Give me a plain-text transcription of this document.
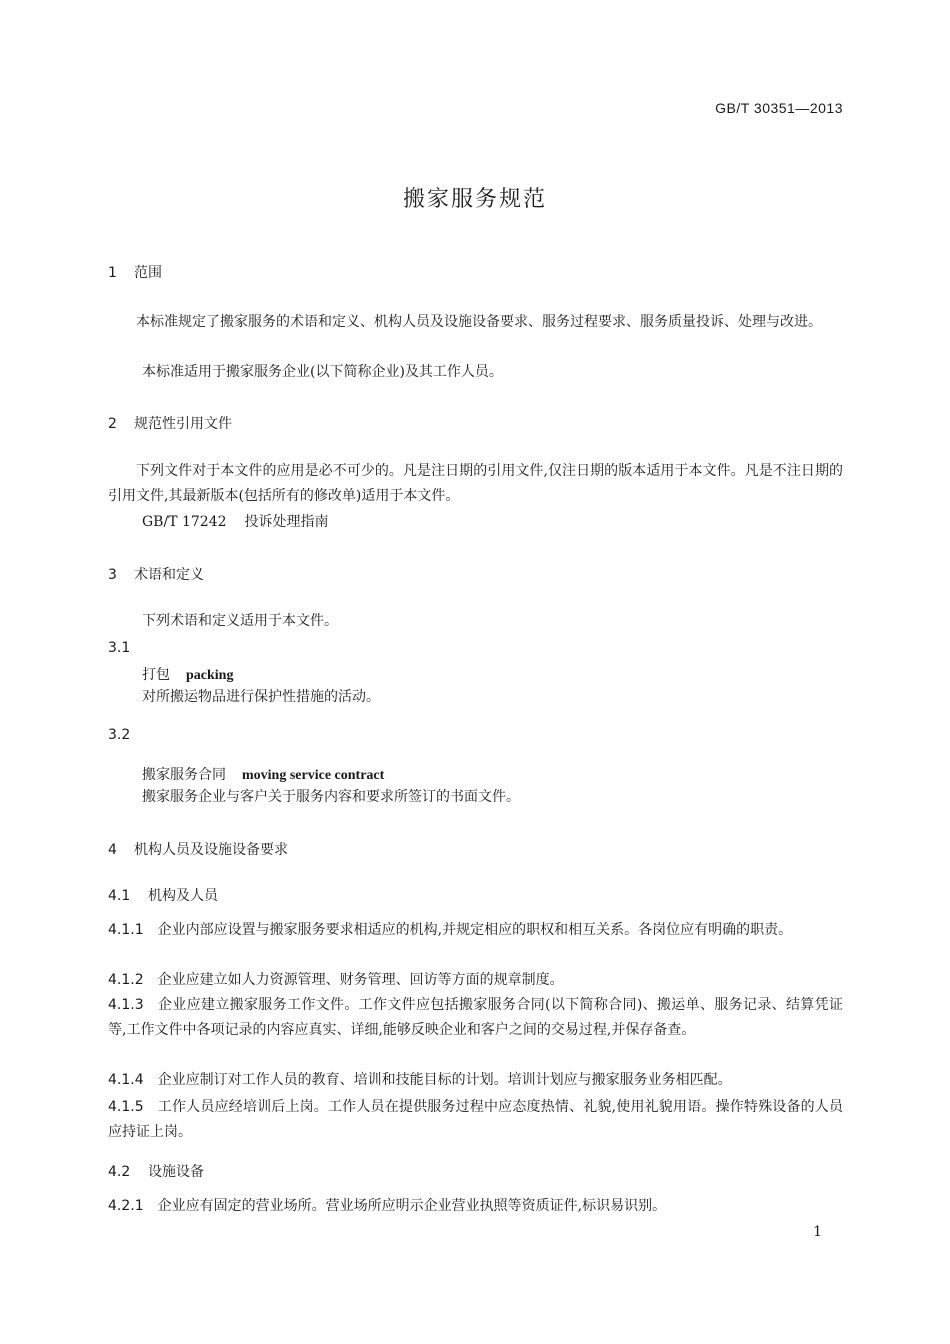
GB/T 30351—2013
搬家服务规范
1 范围
本标准规定了搬家服务的术语和定义、机构人员及设施设备要求、服务过程要求、服务质量投诉、处理与改进。
本标准适用于搬家服务企业(以下简称企业)及其工作人员。
2 规范性引用文件
下列文件对于本文件的应用是必不可少的。凡是注日期的引用文件,仅注日期的版本适用于本文件。凡是不注日期的引用文件,其最新版本(包括所有的修改单)适用于本文件。
GB/T 17242 投诉处理指南
3 术语和定义
下列术语和定义适用于本文件。
3.1
打包 packing
对所搬运物品进行保护性措施的活动。
3.2
搬家服务合同 moving service contract
搬家服务企业与客户关于服务内容和要求所签订的书面文件。
4 机构人员及设施设备要求
4.1 机构及人员
4.1.1 企业内部应设置与搬家服务要求相适应的机构,并规定相应的职权和相互关系。各岗位应有明确的职责。
4.1.2 企业应建立如人力资源管理、财务管理、回访等方面的规章制度。
4.1.3 企业应建立搬家服务工作文件。工作文件应包括搬家服务合同(以下简称合同)、搬运单、服务记录、结算凭证等,工作文件中各项记录的内容应真实、详细,能够反映企业和客户之间的交易过程,并保存备查。
4.1.4 企业应制订对工作人员的教育、培训和技能目标的计划。培训计划应与搬家服务业务相匹配。
4.1.5 工作人员应经培训后上岗。工作人员在提供服务过程中应态度热情、礼貌,使用礼貌用语。操作特殊设备的人员应持证上岗。
4.2 设施设备
4.2.1 企业应有固定的营业场所。营业场所应明示企业营业执照等资质证件,标识易识别。
1
